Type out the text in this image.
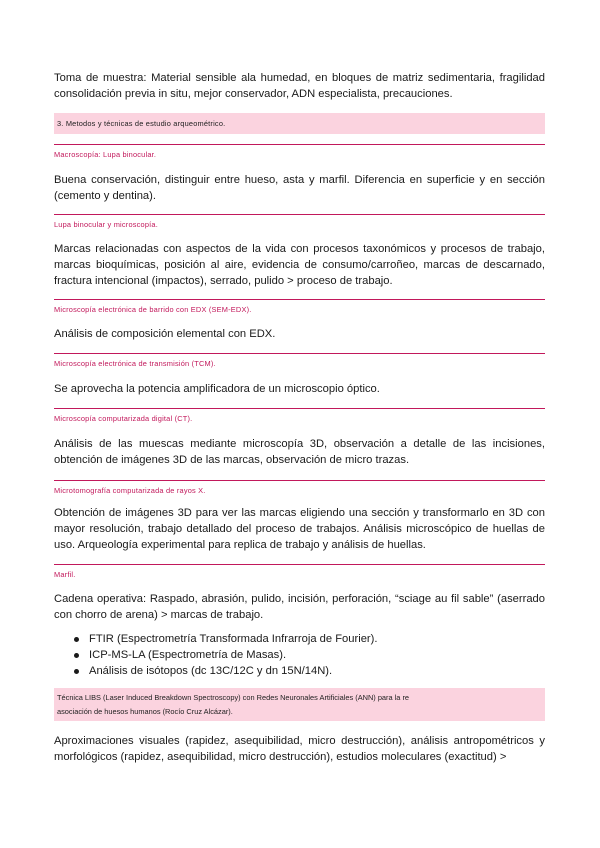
Toma de muestra: Material sensible ala humedad, en bloques de matriz sedimentaria, fragilidad consolidación previa in situ, mejor conservador, ADN especialista, precauciones.

3. Metodos y técnicas de estudio arqueométrico.
Macroscopía: Lupa binocular.

Buena conservación, distinguir entre hueso, asta y marfil. Diferencia en superficie y en sección (cemento y dentina).

Lupa binocular y microscopía.

Marcas relacionadas con aspectos de la vida con procesos taxonómicos y procesos de trabajo, marcas bioquímicas, posición al aire, evidencia de consumo/carroñeo, marcas de descarnado, fractura intencional (impactos), serrado, pulido > proceso de trabajo.

Microscopía electrónica de barrido con EDX (SEM-EDX).

Análisis de composición elemental con EDX.

Microscopía electrónica de transmisión (TCM).

Se aprovecha la potencia amplificadora de un microscopio óptico.

Microscopía computarizada digital (CT).

Análisis de las muescas mediante microscopía 3D, observación a detalle de las incisiones, obtención de imágenes 3D de las marcas, observación de micro trazas.

Microtomografía computarizada de rayos X.

Obtención de imágenes 3D para ver las marcas eligiendo una sección y transformarlo en 3D con mayor resolución, trabajo detallado del proceso de trabajos. Análisis microscópico de huellas de uso. Arqueología experimental para replica de trabajo y análisis de huellas.

Marfil.

Cadena operativa: Raspado, abrasión, pulido, incisión, perforación, “sciage au fil sable” (aserrado con chorro de arena) > marcas de trabajo.

FTIR (Espectrometría Transformada Infrarroja de Fourier).
ICP-MS-LA (Espectrometría de Masas).
Análisis de isótopos (dc 13C/12C y dn 15N/14N).
Técnica LIBS (Laser Induced Breakdown Spectroscopy) con Redes Neuronales Artificiales (ANN) para la re
asociación de huesos humanos (Rocío Cruz Alcázar).

Aproximaciones visuales (rapidez, asequibilidad, micro destrucción), análisis antropométricos y morfológicos (rapidez, asequibilidad, micro destrucción), estudios moleculares (exactitud) >
